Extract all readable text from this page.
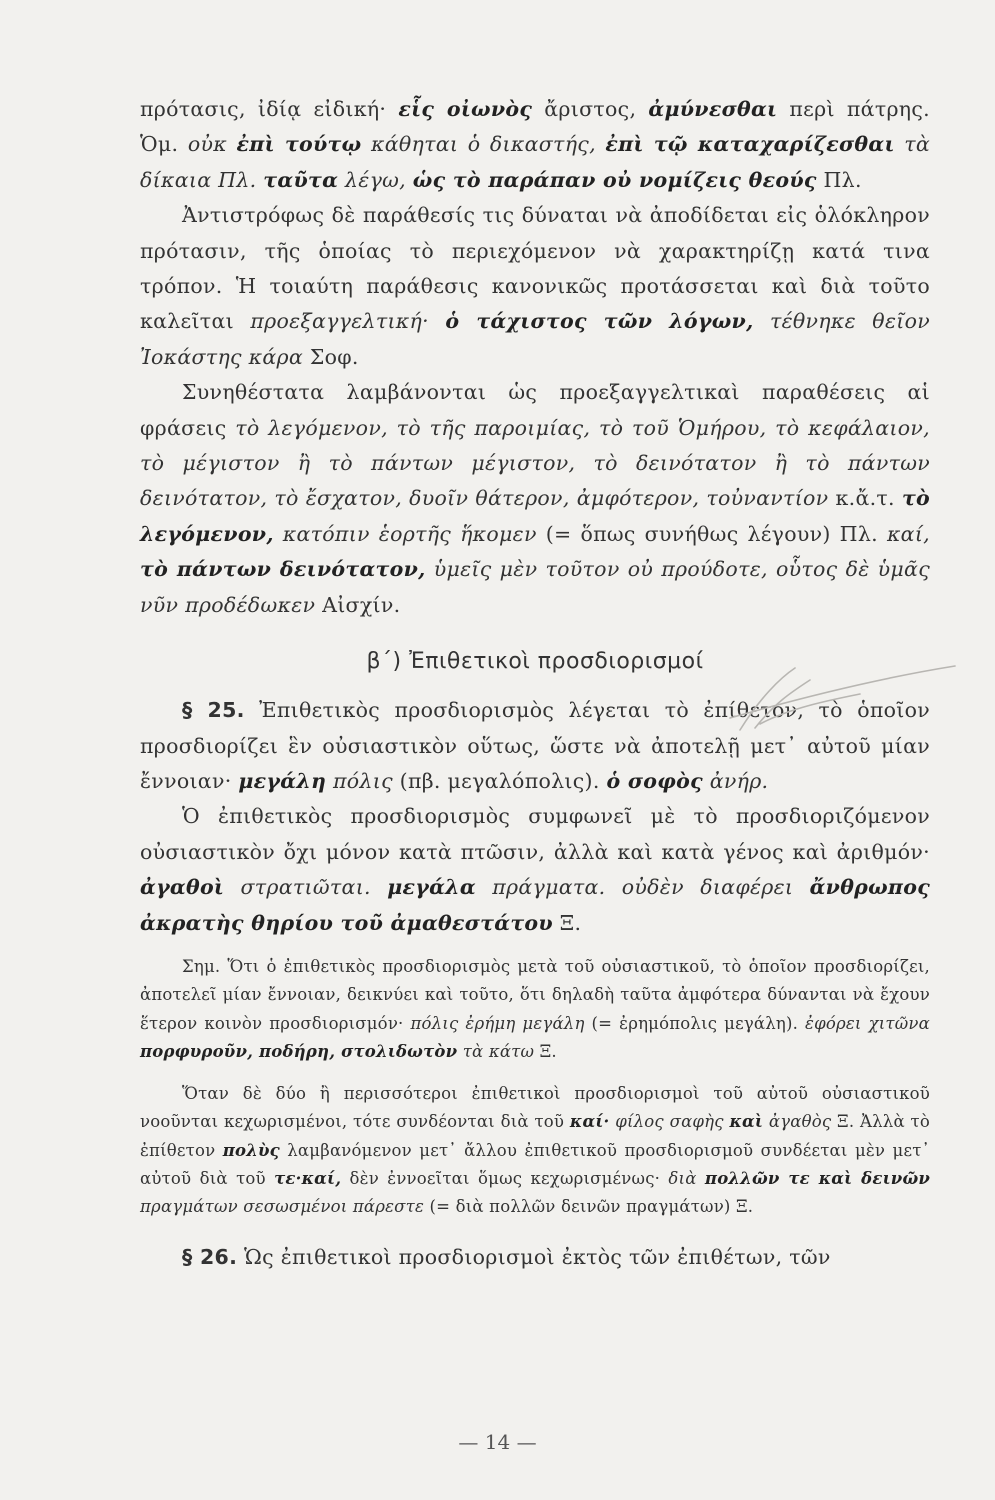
πρότασις, ἰδίᾳ εἰδική· εἷς οἰωνὸς ἄριστος, ἀμύνεσθαι περὶ πάτρης. Ὁμ. οὐκ ἐπὶ τούτῳ κάθηται ὁ δικαστής, ἐπὶ τῷ καταχαρίζεσθαι τὰ δίκαια Πλ. ταῦτα λέγω, ὡς τὸ παράπαν οὐ νομίζεις θεούς Πλ.

Ἀντιστρόφως δὲ παράθεσίς τις δύναται νὰ ἀποδίδεται εἰς ὁλόκληρον πρότασιν, τῆς ὁποίας τὸ περιεχόμενον νὰ χαρακτηρίζῃ κατά τινα τρόπον. Ἡ τοιαύτη παράθεσις κανονικῶς προτάσσεται καὶ διὰ τοῦτο καλεῖται προεξαγγελτική· ὁ τάχιστος τῶν λόγων, τέθνηκε θεῖον Ἰοκάστης κάρα Σοφ.

Συνηθέστατα λαμβάνονται ὡς προεξαγγελτικαὶ παραθέσεις αἱ φράσεις τὸ λεγόμενον, τὸ τῆς παροιμίας, τὸ τοῦ Ὁμήρου, τὸ κεφάλαιον, τὸ μέγιστον ἢ τὸ πάντων μέγιστον, τὸ δεινότατον ἢ τὸ πάντων δεινότατον, τὸ ἔσχατον, δυοῖν θάτερον, ἀμφότερον, τοὐναντίον κ.ἄ.τ. τὸ λεγόμενον, κατόπιν ἑορτῆς ἥκομεν (= ὅπως συνήθως λέγουν) Πλ. καί, τὸ πάντων δεινότατον, ὑμεῖς μὲν τοῦτον οὐ προύδοτε, οὗτος δὲ ὑμᾶς νῦν προδέδωκεν Αἰσχίν.

β΄) Ἐπιθετικοὶ προσδιορισμοί

§ 25. Ἐπιθετικὸς προσδιορισμὸς λέγεται τὸ ἐπίθετον, τὸ ὁποῖον προσδιορίζει ἓν οὐσιαστικὸν οὕτως, ὥστε νὰ ἀποτελῇ μετ᾽ αὐτοῦ μίαν ἔννοιαν· μεγάλη πόλις (πβ. μεγαλόπολις). ὁ σοφὸς ἀνήρ.

Ὁ ἐπιθετικὸς προσδιορισμὸς συμφωνεῖ μὲ τὸ προσδιοριζόμενον οὐσιαστικὸν ὄχι μόνον κατὰ πτῶσιν, ἀλλὰ καὶ κατὰ γένος καὶ ἀριθμόν· ἀγαθοὶ στρατιῶται. μεγάλα πράγματα. οὐδὲν διαφέρει ἄνθρωπος ἀκρατὴς θηρίου τοῦ ἀμαθεστάτου Ξ.

Σημ. Ὅτι ὁ ἐπιθετικὸς προσδιορισμὸς μετὰ τοῦ οὐσιαστικοῦ, τὸ ὁποῖον προσδιορίζει, ἀποτελεῖ μίαν ἔννοιαν, δεικνύει καὶ τοῦτο, ὅτι δηλαδὴ ταῦτα ἀμφότερα δύνανται νὰ ἔχουν ἕτερον κοινὸν προσδιορισμόν· πόλις ἐρήμη μεγάλη (= ἐρημόπολις μεγάλη). ἐφόρει χιτῶνα πορφυροῦν, ποδήρη, στολιδωτὸν τὰ κάτω Ξ.

Ὅταν δὲ δύο ἢ περισσότεροι ἐπιθετικοὶ προσδιορισμοὶ τοῦ αὐτοῦ οὐσιαστικοῦ νοοῦνται κεχωρισμένοι, τότε συνδέονται διὰ τοῦ καί· φίλος σαφὴς καὶ ἀγαθὸς Ξ. Ἀλλὰ τὸ ἐπίθετον πολὺς λαμβανόμενον μετ᾽ ἄλλου ἐπιθετικοῦ προσδιορισμοῦ συνδέεται μὲν μετ᾽ αὐτοῦ διὰ τοῦ τε·καί, δὲν ἐννοεῖται ὅμως κεχωρισμένως· διὰ πολλῶν τε καὶ δεινῶν πραγμάτων σεσωσμένοι πάρεστε (= διὰ πολλῶν δεινῶν πραγμάτων) Ξ.

§ 26. Ὡς ἐπιθετικοὶ προσδιορισμοὶ ἐκτὸς τῶν ἐπιθέτων, τῶν

— 14 —
